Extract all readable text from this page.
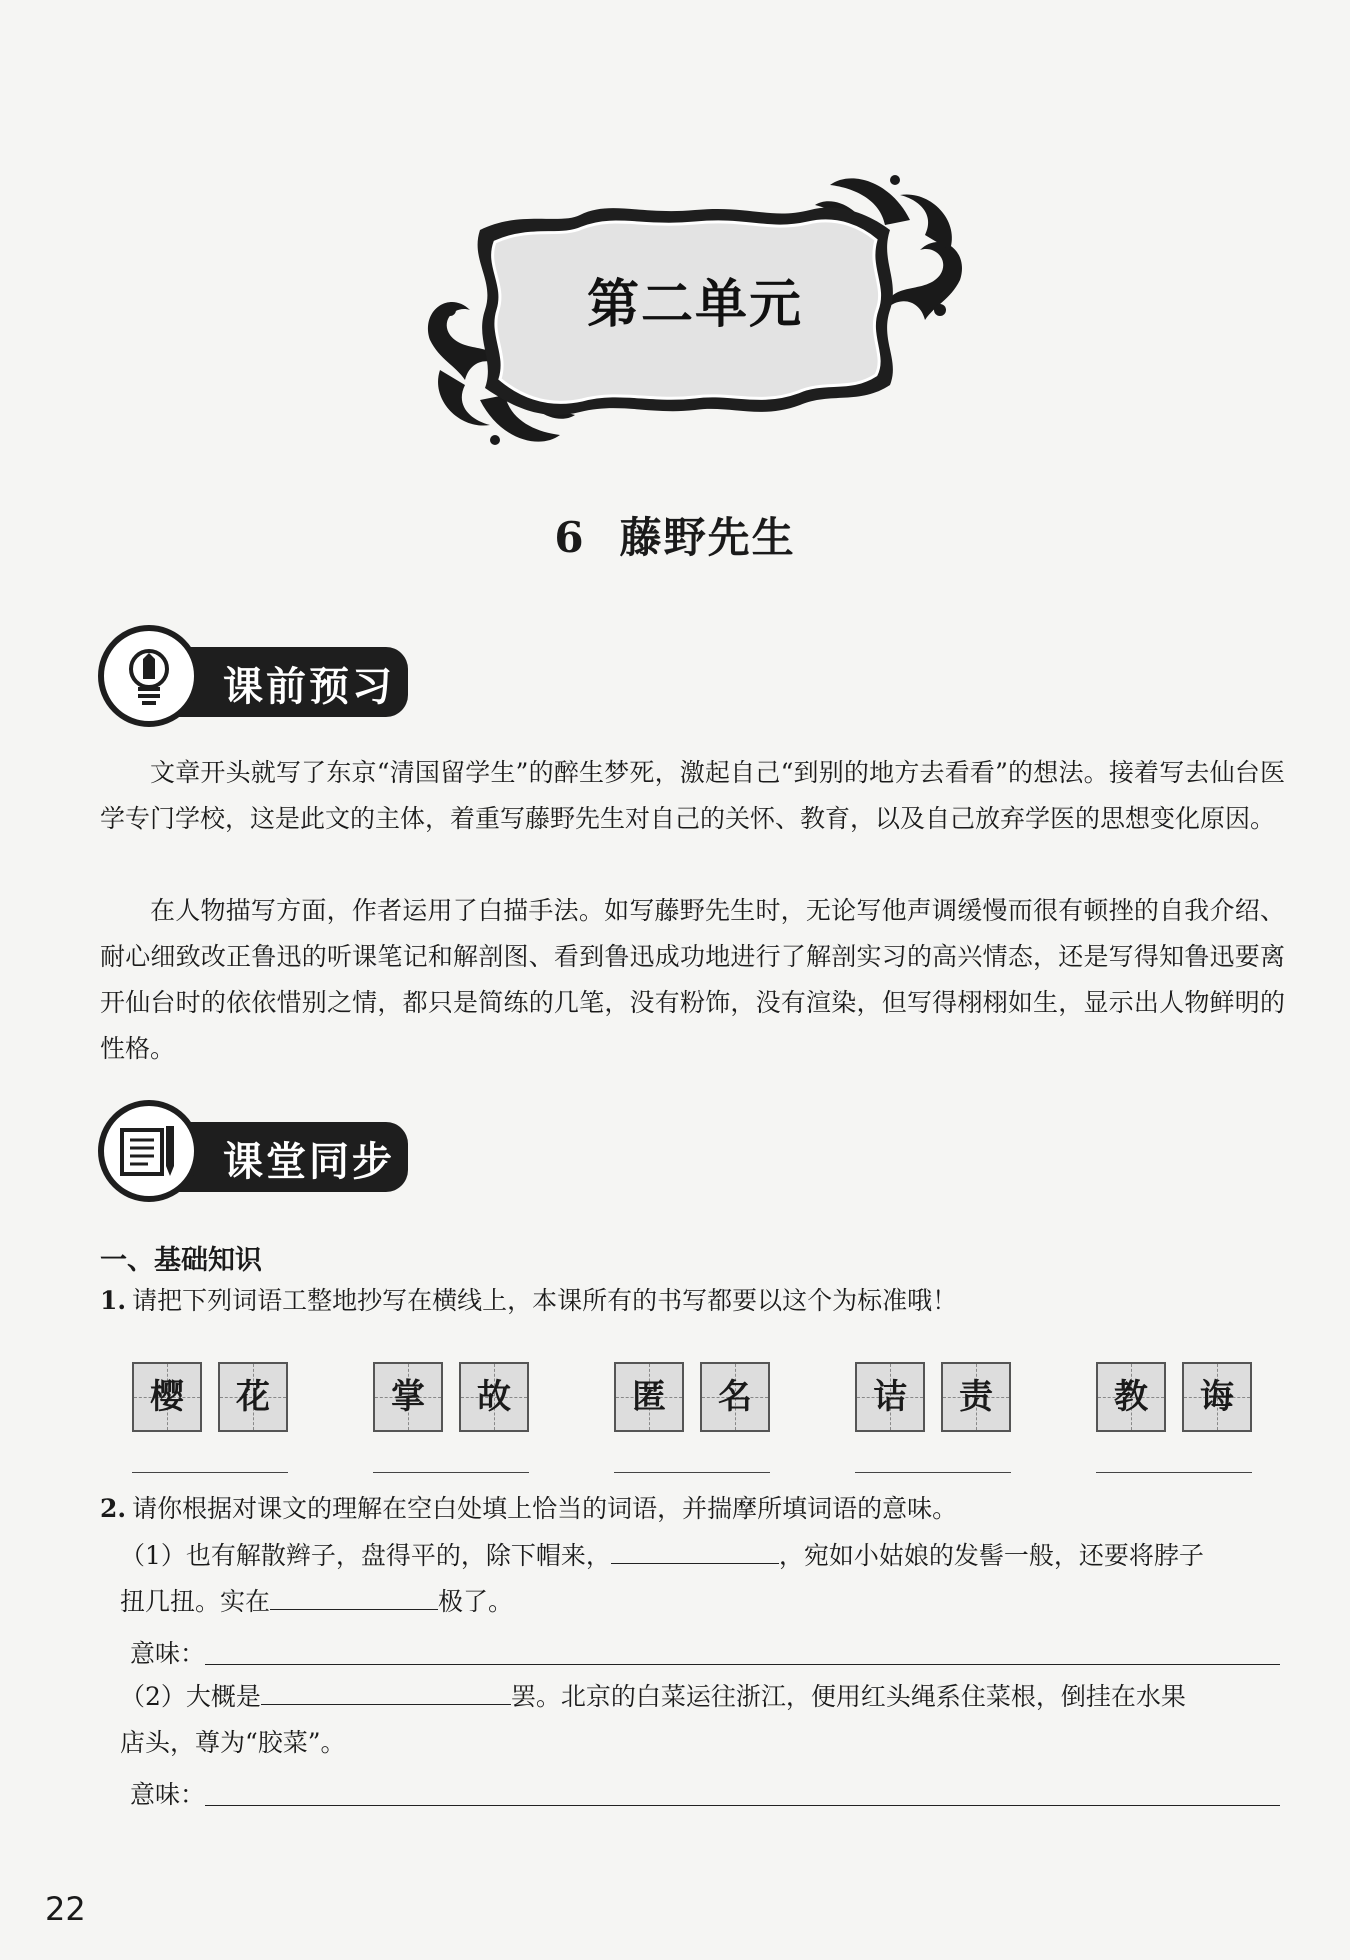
第二单元
6 藤野先生
课前预习
文章开头就写了东京“清国留学生”的醉生梦死，激起自己“到别的地方去看看”的想法。接着写去仙台医学专门学校，这是此文的主体，着重写藤野先生对自己的关怀、教育，以及自己放弃学医的思想变化原因。
在人物描写方面，作者运用了白描手法。如写藤野先生时，无论写他声调缓慢而很有顿挫的自我介绍、耐心细致改正鲁迅的听课笔记和解剖图、看到鲁迅成功地进行了解剖实习的高兴情态，还是写得知鲁迅要离开仙台时的依依惜别之情，都只是简练的几笔，没有粉饰，没有渲染，但写得栩栩如生，显示出人物鲜明的性格。
课堂同步
一、基础知识
1. 请把下列词语工整地抄写在横线上，本课所有的书写都要以这个为标准哦！
樱	花	掌	故	匿	名	诘	责	教	诲
2. 请你根据对课文的理解在空白处填上恰当的词语，并揣摩所填词语的意味。
（1）也有解散辫子，盘得平的，除下帽来，	，宛如小姑娘的发髻一般，还要将脖子
扭几扭。实在	极了。
意味：
（2）大概是	罢。北京的白菜运往浙江，便用红头绳系住菜根，倒挂在水果
店头，尊为“胶菜”。
意味：
22
